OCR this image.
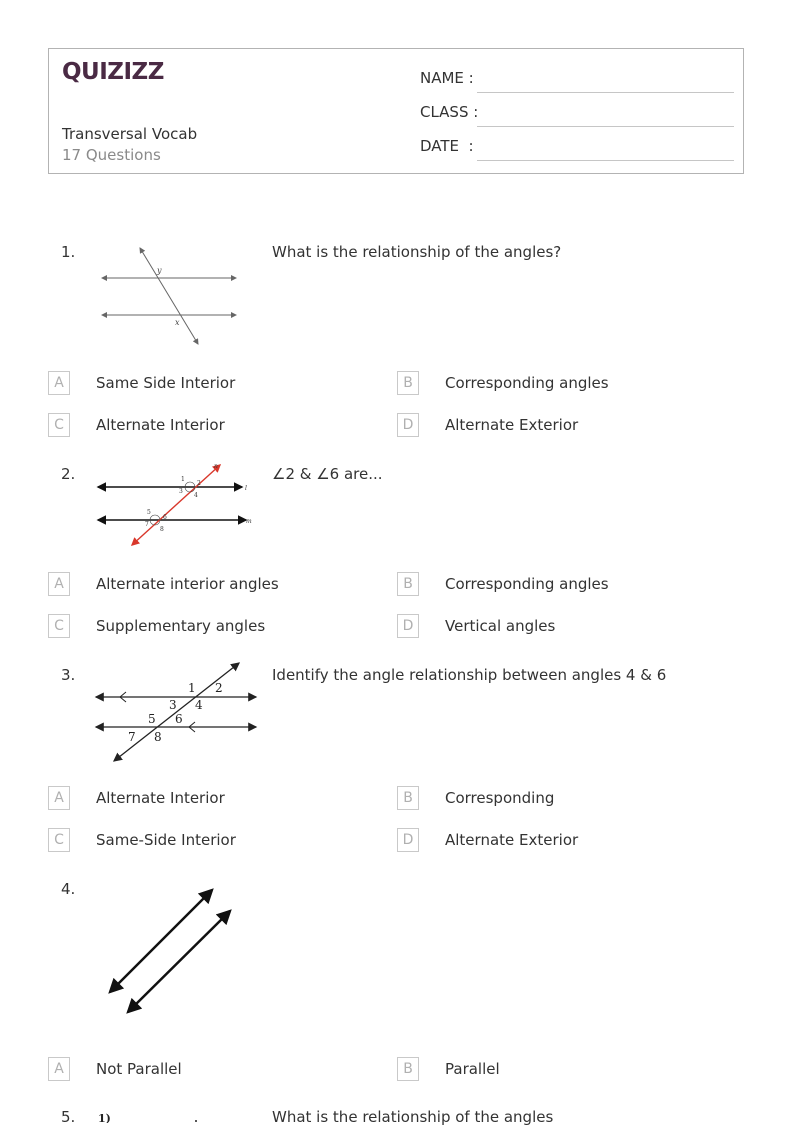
QUIZIZZ
Transversal Vocab
17 Questions
NAME :
CLASS :
DATE  :
1.
y
x
What is the relationship of the angles?
A	Same Side Interior	B	Corresponding angles
C	Alternate Interior	D	Alternate Exterior
2.	n
l
m
1
2
3
4
5
6
7
8
∠2 & ∠6 are...
A	Alternate interior angles	B	Corresponding angles
C	Supplementary angles	D	Vertical angles
3.
1 2
3 4
5 6
7 8
Identify the angle relationship between angles 4 & 6
A	Alternate Interior	B	Corresponding
C	Same-Side Interior	D	Alternate Exterior
4.
A	Not Parallel	B	Parallel
5. 1)	What is the relationship of the angles
